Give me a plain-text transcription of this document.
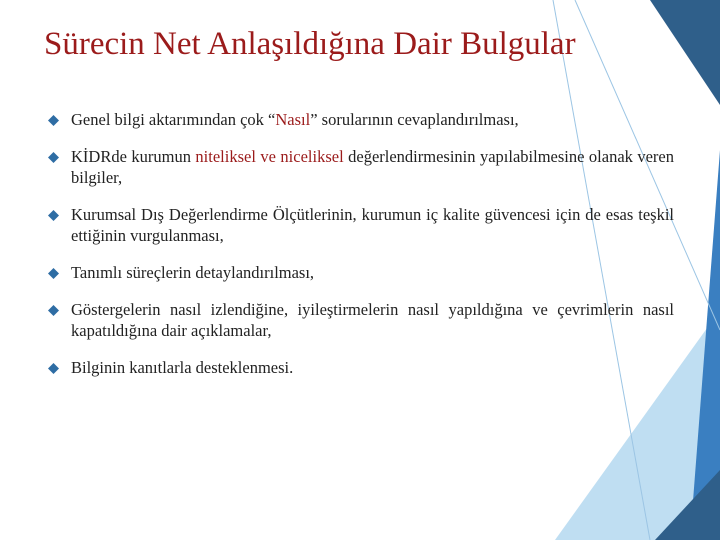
Sürecin Net Anlaşıldığına Dair Bulgular
Genel bilgi aktarımından çok “Nasıl” sorularının cevaplandırılması,
KİDRde kurumun niteliksel ve niceliksel değerlendirmesinin yapılabilmesine olanak veren bilgiler,
Kurumsal Dış Değerlendirme Ölçütlerinin, kurumun iç kalite güvencesi için de esas teşkil ettiğinin vurgulanması,
Tanımlı süreçlerin detaylandırılması,
Göstergelerin nasıl izlendiğine, iyileştirmelerin nasıl yapıldığına ve çevrimlerin nasıl kapatıldığına dair açıklamalar,
Bilginin kanıtlarla desteklenmesi.
